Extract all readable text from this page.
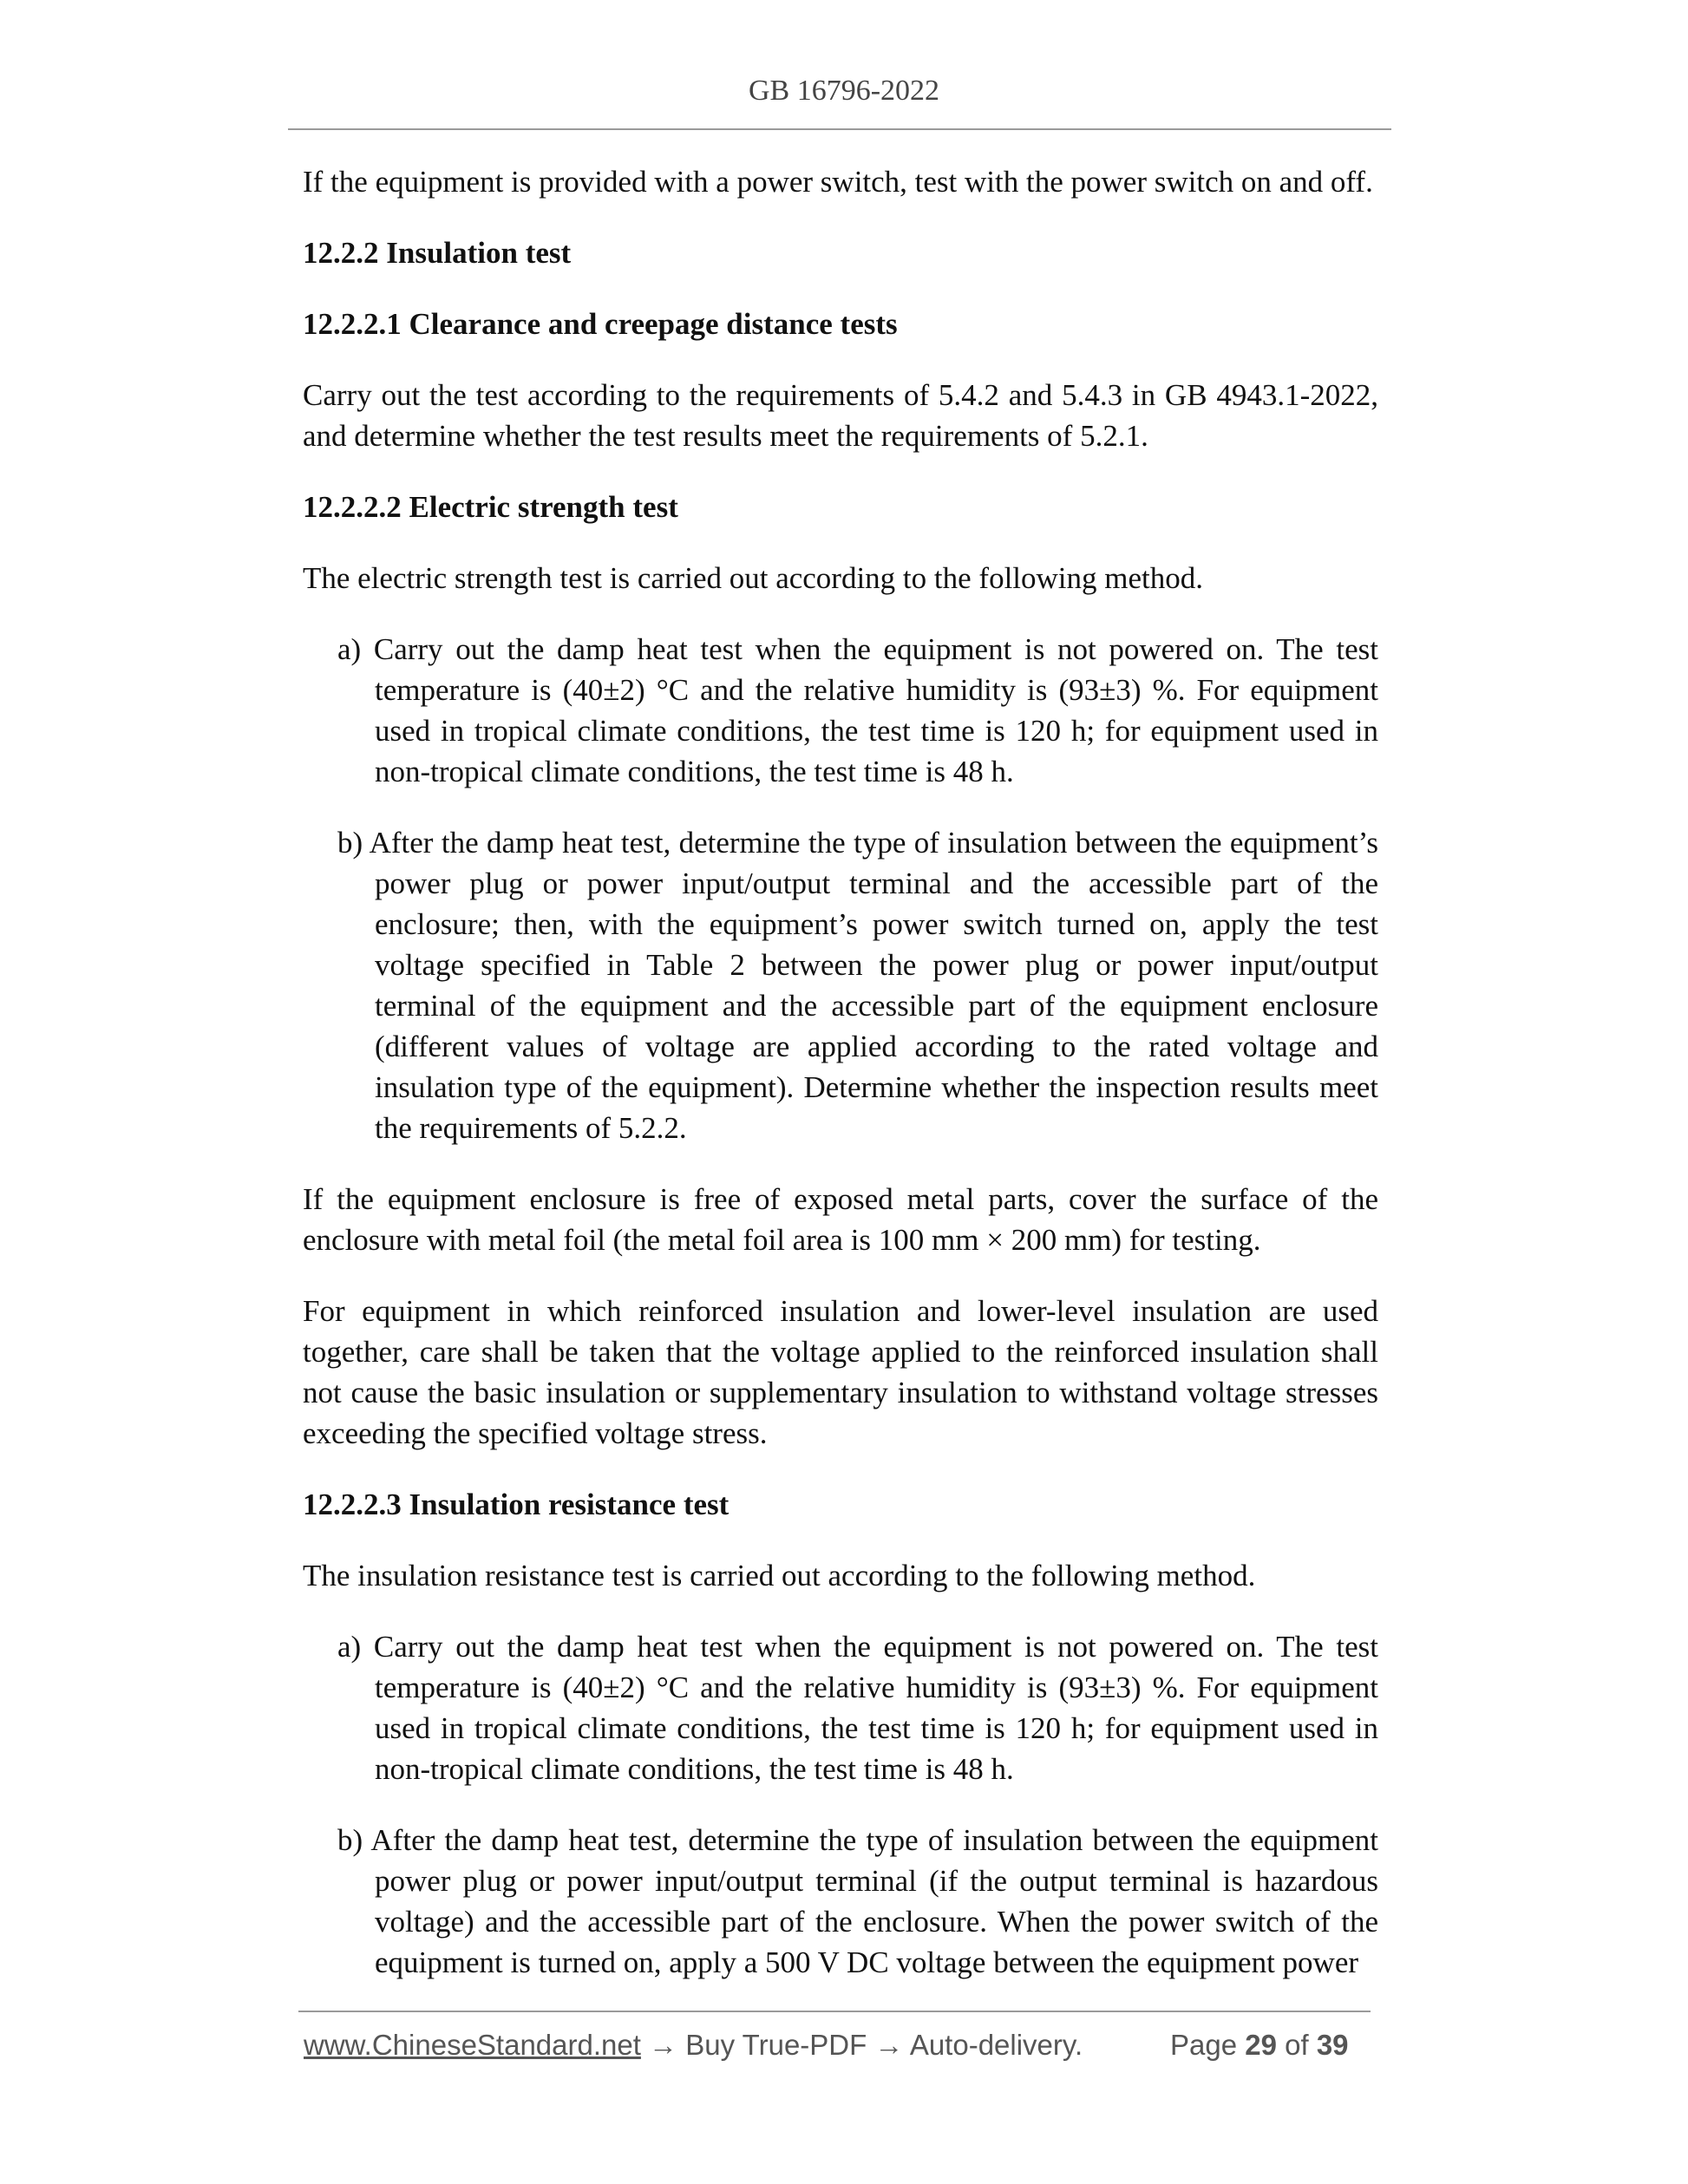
GB 16796-2022

If the equipment is provided with a power switch, test with the power switch on and off.

12.2.2 Insulation test

12.2.2.1 Clearance and creepage distance tests

Carry out the test according to the requirements of 5.4.2 and 5.4.3 in GB 4943.1-2022, and determine whether the test results meet the requirements of 5.2.1.

12.2.2.2 Electric strength test

The electric strength test is carried out according to the following method.

a) Carry out the damp heat test when the equipment is not powered on. The test temperature is (40±2) °C and the relative humidity is (93±3) %. For equipment used in tropical climate conditions, the test time is 120 h; for equipment used in non-tropical climate conditions, the test time is 48 h.

b) After the damp heat test, determine the type of insulation between the equipment’s power plug or power input/output terminal and the accessible part of the enclosure; then, with the equipment’s power switch turned on, apply the test voltage specified in Table 2 between the power plug or power input/output terminal of the equipment and the accessible part of the equipment enclosure (different values of voltage are applied according to the rated voltage and insulation type of the equipment). Determine whether the inspection results meet the requirements of 5.2.2.

If the equipment enclosure is free of exposed metal parts, cover the surface of the enclosure with metal foil (the metal foil area is 100 mm × 200 mm) for testing.

For equipment in which reinforced insulation and lower-level insulation are used together, care shall be taken that the voltage applied to the reinforced insulation shall not cause the basic insulation or supplementary insulation to withstand voltage stresses exceeding the specified voltage stress.

12.2.2.3 Insulation resistance test

The insulation resistance test is carried out according to the following method.

a) Carry out the damp heat test when the equipment is not powered on. The test temperature is (40±2) °C and the relative humidity is (93±3) %. For equipment used in tropical climate conditions, the test time is 120 h; for equipment used in non-tropical climate conditions, the test time is 48 h.

b) After the damp heat test, determine the type of insulation between the equipment power plug or power input/output terminal (if the output terminal is hazardous voltage) and the accessible part of the enclosure. When the power switch of the equipment is turned on, apply a 500 V DC voltage between the equipment power

www.ChineseStandard.net → Buy True-PDF → Auto-delivery.	Page 29 of 39
